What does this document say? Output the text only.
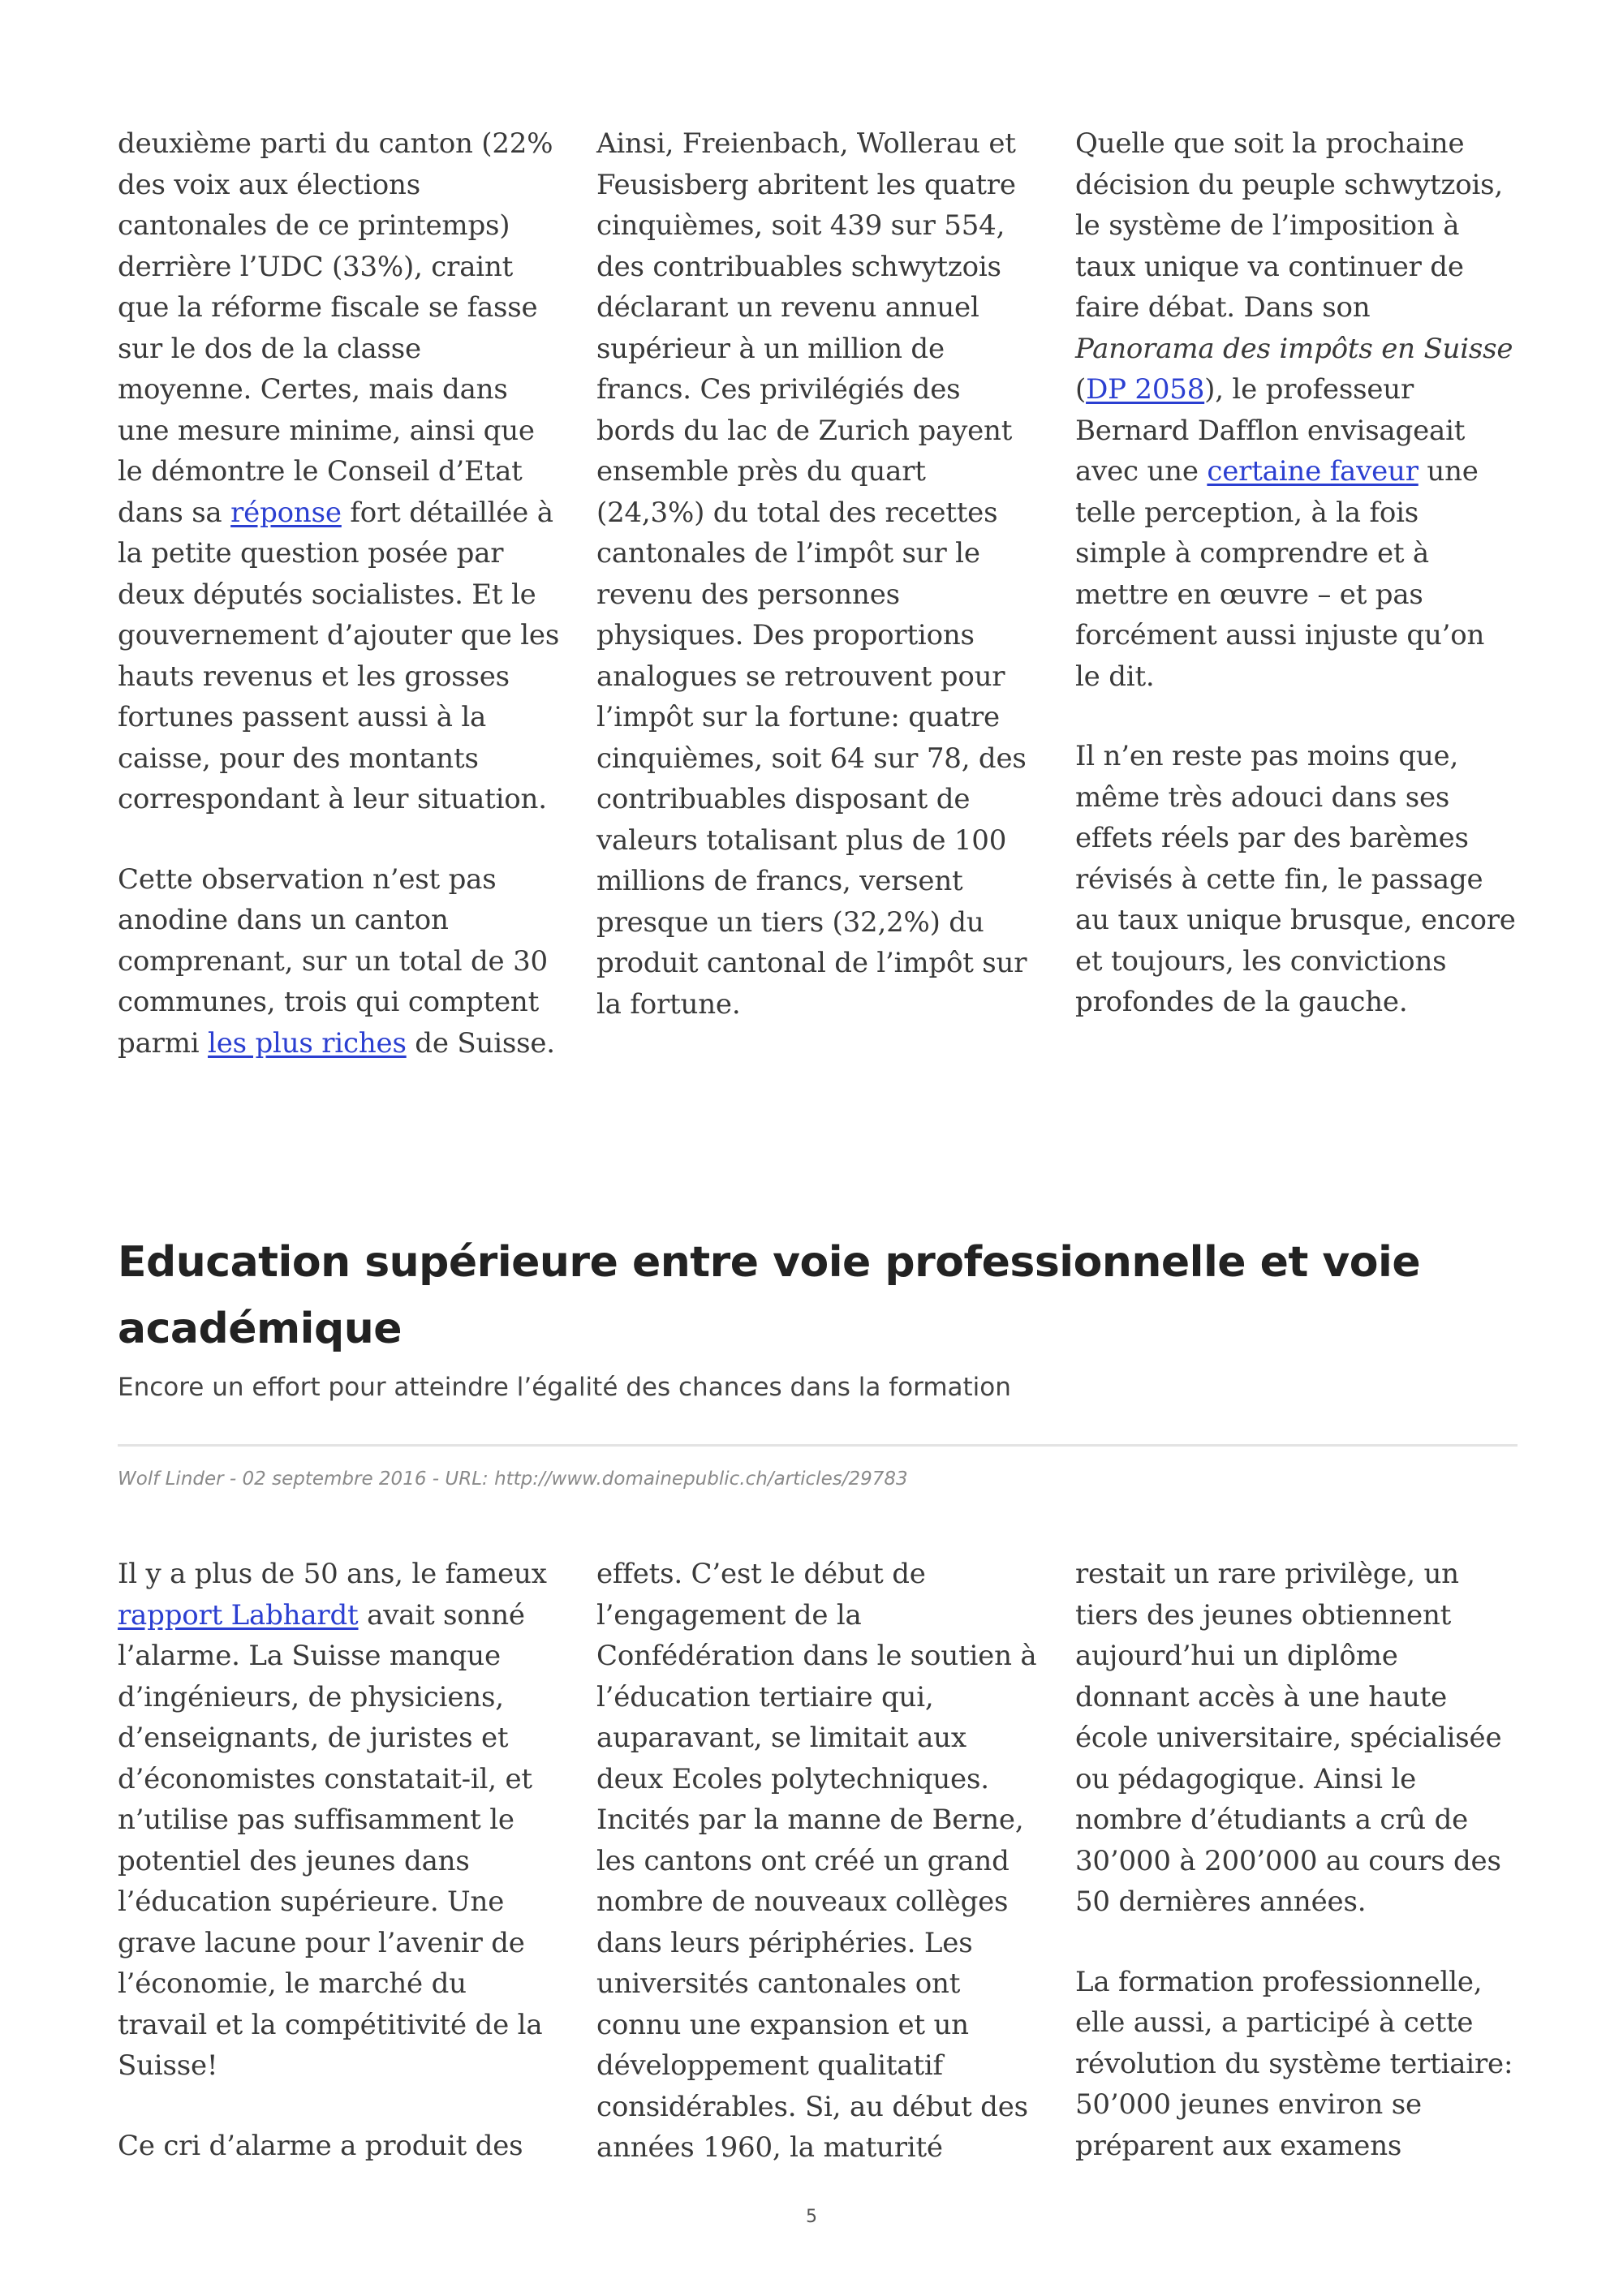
deuxième parti du canton (22% des voix aux élections cantonales de ce printemps) derrière l’UDC (33%), craint que la réforme fiscale se fasse sur le dos de la classe moyenne. Certes, mais dans une mesure minime, ainsi que le démontre le Conseil d’Etat dans sa réponse fort détaillée à la petite question posée par deux députés socialistes. Et le gouvernement d’ajouter que les hauts revenus et les grosses fortunes passent aussi à la caisse, pour des montants correspondant à leur situation.

Cette observation n’est pas anodine dans un canton comprenant, sur un total de 30 communes, trois qui comptent parmi les plus riches de Suisse.

Ainsi, Freienbach, Wollerau et Feusisberg abritent les quatre cinquièmes, soit 439 sur 554, des contribuables schwytzois déclarant un revenu annuel supérieur à un million de francs. Ces privilégiés des bords du lac de Zurich payent ensemble près du quart (24,3%) du total des recettes cantonales de l’impôt sur le revenu des personnes physiques. Des proportions analogues se retrouvent pour l’impôt sur la fortune: quatre cinquièmes, soit 64 sur 78, des contribuables disposant de valeurs totalisant plus de 100 millions de francs, versent presque un tiers (32,2%) du produit cantonal de l’impôt sur la fortune.

Quelle que soit la prochaine décision du peuple schwytzois, le système de l’imposition à taux unique va continuer de faire débat. Dans son Panorama des impôts en Suisse (DP 2058), le professeur Bernard Dafflon envisageait avec une certaine faveur une telle perception, à la fois simple à comprendre et à mettre en œuvre – et pas forcément aussi injuste qu’on le dit.

Il n’en reste pas moins que, même très adouci dans ses effets réels par des barèmes révisés à cette fin, le passage au taux unique brusque, encore et toujours, les convictions profondes de la gauche.

Education supérieure entre voie professionnelle et voie académique

Encore un effort pour atteindre l’égalité des chances dans la formation

Wolf Linder - 02 septembre 2016 - URL: http://www.domainepublic.ch/articles/29783

Il y a plus de 50 ans, le fameux rapport Labhardt avait sonné l’alarme. La Suisse manque d’ingénieurs, de physiciens, d’enseignants, de juristes et d’économistes constatait-il, et n’utilise pas suffisamment le potentiel des jeunes dans l’éducation supérieure. Une grave lacune pour l’avenir de l’économie, le marché du travail et la compétitivité de la Suisse!

Ce cri d’alarme a produit des

effets. C’est le début de l’engagement de la Confédération dans le soutien à l’éducation tertiaire qui, auparavant, se limitait aux deux Ecoles polytechniques. Incités par la manne de Berne, les cantons ont créé un grand nombre de nouveaux collèges dans leurs périphéries. Les universités cantonales ont connu une expansion et un développement qualitatif considérables. Si, au début des années 1960, la maturité

restait un rare privilège, un tiers des jeunes obtiennent aujourd’hui un diplôme donnant accès à une haute école universitaire, spécialisée ou pédagogique. Ainsi le nombre d’étudiants a crû de 30’000 à 200’000 au cours des 50 dernières années.

La formation professionnelle, elle aussi, a participé à cette révolution du système tertiaire: 50’000 jeunes environ se préparent aux examens

5
